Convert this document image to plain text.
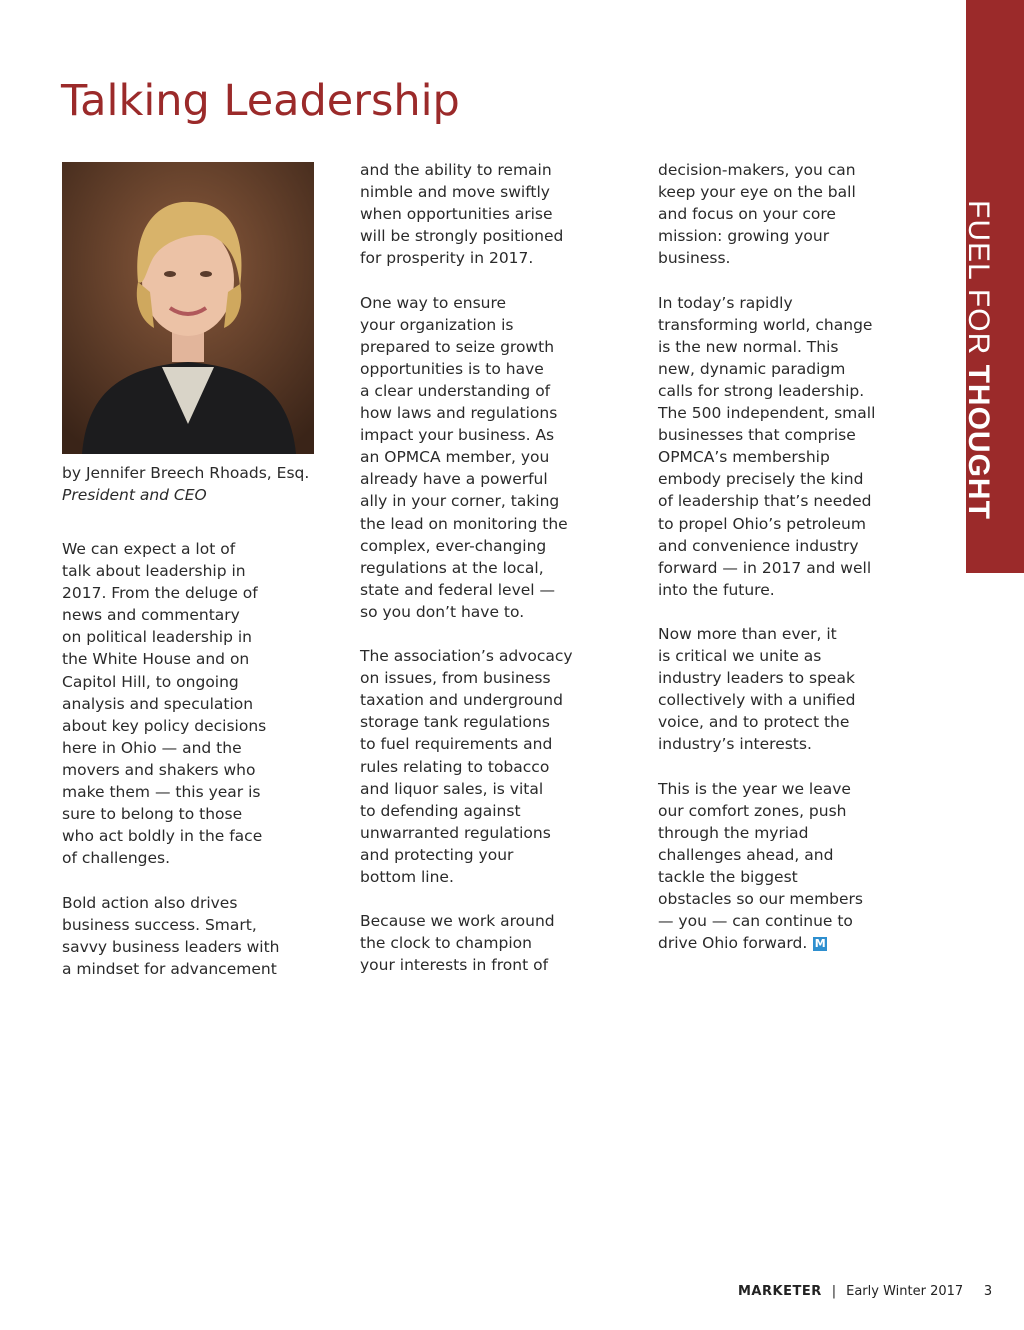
FUEL FOR THOUGHT
Talking Leadership
by Jennifer Breech Rhoads, Esq.
President and CEO

We can expect a lot of
talk about leadership in
2017. From the deluge of
news and commentary
on political leadership in
the White House and on
Capitol Hill, to ongoing
analysis and speculation
about key policy decisions
here in Ohio — and the
movers and shakers who
make them — this year is
sure to belong to those
who act boldly in the face
of challenges.

Bold action also drives
business success. Smart,
savvy business leaders with
a mindset for advancement

and the ability to remain
nimble and move swiftly
when opportunities arise
will be strongly positioned
for prosperity in 2017.

One way to ensure
your organization is
prepared to seize growth
opportunities is to have
a clear understanding of
how laws and regulations
impact your business. As
an OPMCA member, you
already have a powerful
ally in your corner, taking
the lead on monitoring the
complex, ever-changing
regulations at the local,
state and federal level —
so you don’t have to.

The association’s advocacy
on issues, from business
taxation and underground
storage tank regulations
to fuel requirements and
rules relating to tobacco
and liquor sales, is vital
to defending against
unwarranted regulations
and protecting your
bottom line.

Because we work around
the clock to champion
your interests in front of

decision-makers, you can
keep your eye on the ball
and focus on your core
mission: growing your
business.

In today’s rapidly
transforming world, change
is the new normal. This
new, dynamic paradigm
calls for strong leadership.
The 500 independent, small
businesses that comprise
OPMCA’s membership
embody precisely the kind
of leadership that’s needed
to propel Ohio’s petroleum
and convenience industry
forward — in 2017 and well
into the future.

Now more than ever, it
is critical we unite as
industry leaders to speak
collectively with a unified
voice, and to protect the
industry’s interests.

This is the year we leave
our comfort zones, push
through the myriad
challenges ahead, and
tackle the biggest
obstacles so our members
— you — can continue to
drive Ohio forward. M

MARKETER | Early Winter 2017 3
